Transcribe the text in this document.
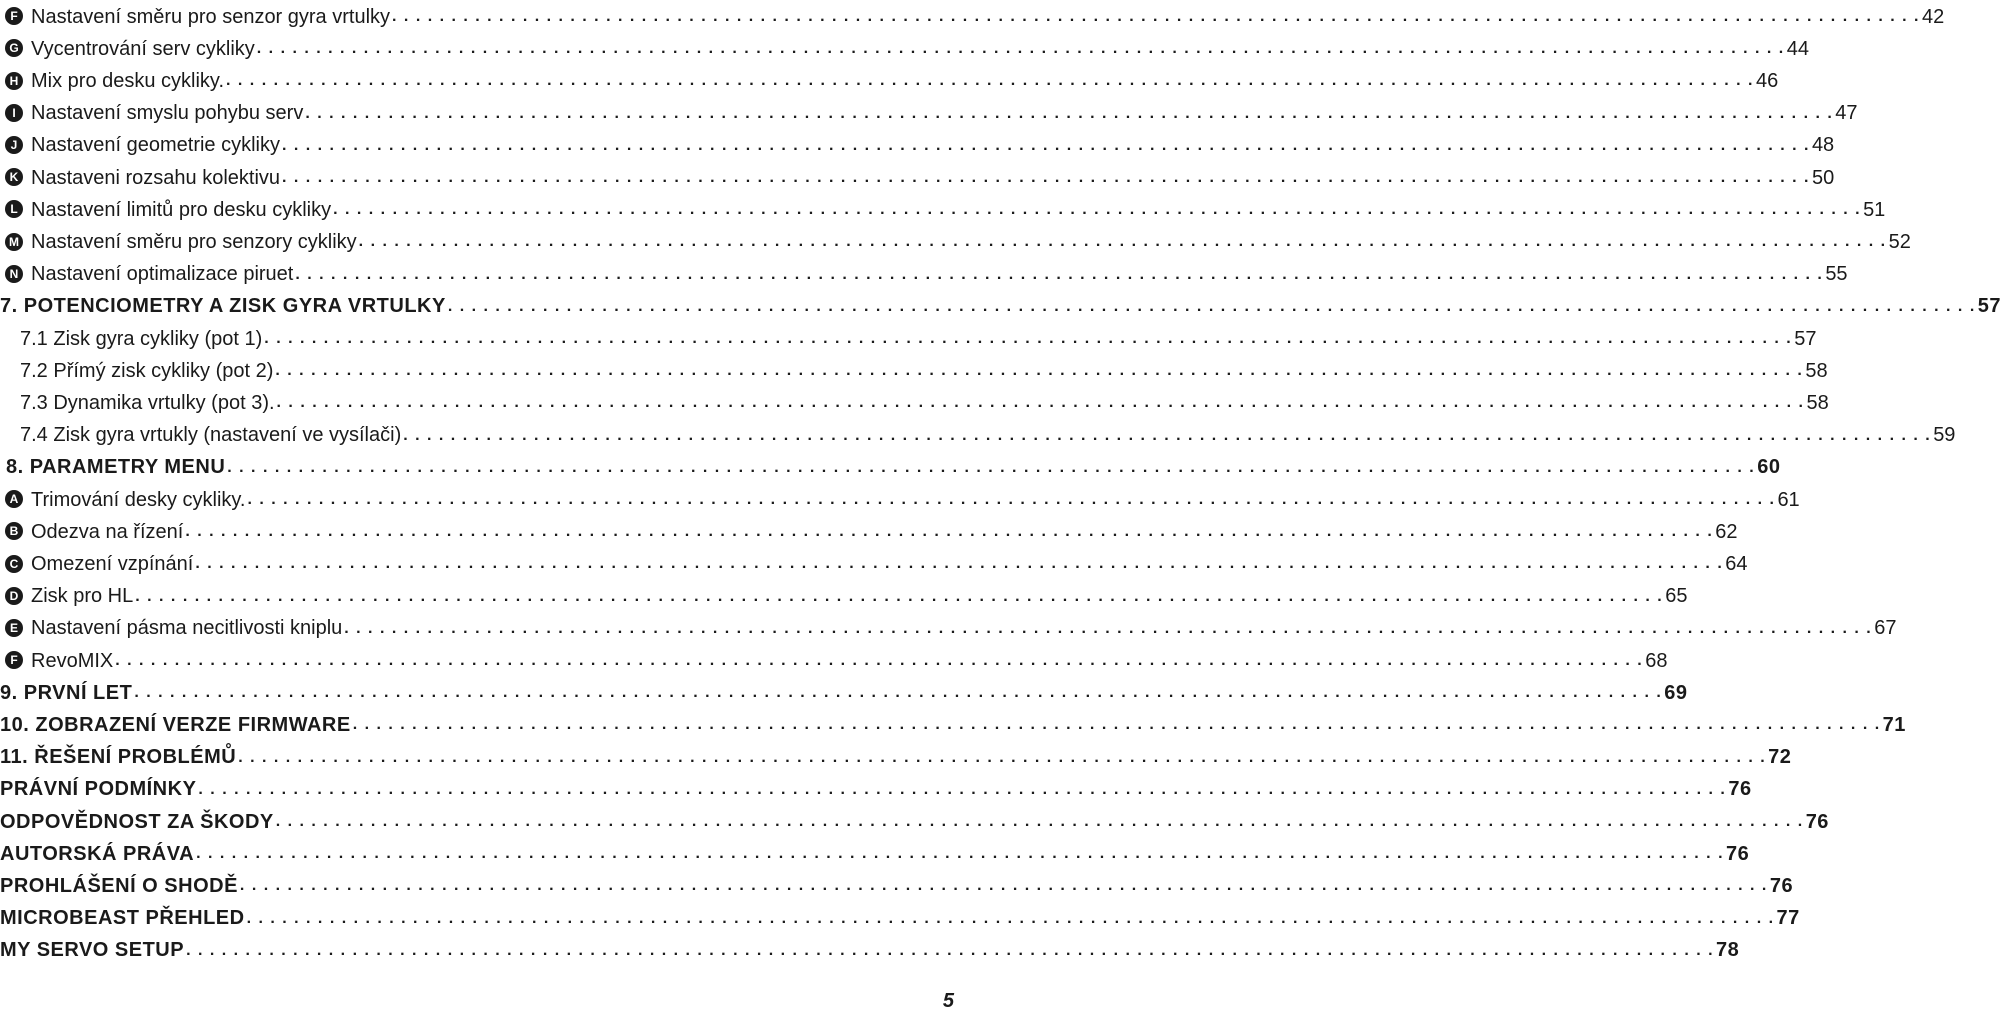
F Nastavení směru pro senzor gyra vrtulky . . . . . . . . . . . . . . . . . . . . . . . . . . . . . . . . . . . . . . . . . . . . . . . . . . . . . . . . . . . . . . . . . . . . . . . . . . . . . . . . . . . . . . . . . . . . . . . . . . . . . . . . . . . . . . . . . . . . . . . . . . . . . . . . . 42
G Vycentrování serv cykliky . . . . . . . . . . . . . . . . . . . . . . . . . . . . . . . . . . . . . . . . . . . . . . . . . . . . . . . . . . . . . . . . . . . . . . . . . . . . . . . . . . . . . . . . . . . . . . . . . . . . . . . . . . . . . . . . . . . . . . . . . . . . . . . . . 44
H Mix pro desku cykliky. . . . . . . . . . . . . . . . . . . . . . . . . . . . . . . . . . . . . . . . . . . . . . . . . . . . . . . . . . . . . . . . . . . . . . . . . . . . . . . . . . . . . . . . . . . . . . . . . . . . . . . . . . . . . . . . . . . . . . . . . . . . . . . . . . 46
I Nastavení smyslu pohybu serv . . . . . . . . . . . . . . . . . . . . . . . . . . . . . . . . . . . . . . . . . . . . . . . . . . . . . . . . . . . . . . . . . . . . . . . . . . . . . . . . . . . . . . . . . . . . . . . . . . . . . . . . . . . . . . . . . . . . . . . . . . . . . . . . . 47
J Nastavení geometrie cykliky . . . . . . . . . . . . . . . . . . . . . . . . . . . . . . . . . . . . . . . . . . . . . . . . . . . . . . . . . . . . . . . . . . . . . . . . . . . . . . . . . . . . . . . . . . . . . . . . . . . . . . . . . . . . . . . . . . . . . . . . . . . . . . . . . 48
K Nastaveni rozsahu kolektivu . . . . . . . . . . . . . . . . . . . . . . . . . . . . . . . . . . . . . . . . . . . . . . . . . . . . . . . . . . . . . . . . . . . . . . . . . . . . . . . . . . . . . . . . . . . . . . . . . . . . . . . . . . . . . . . . . . . . . . . . . . . . . . . . . 50
L Nastavení limitů pro desku cykliky . . . . . . . . . . . . . . . . . . . . . . . . . . . . . . . . . . . . . . . . . . . . . . . . . . . . . . . . . . . . . . . . . . . . . . . . . . . . . . . . . . . . . . . . . . . . . . . . . . . . . . . . . . . . . . . . . . . . . . . . . . . . . . . . . 51
M Nastavení směru pro senzory cykliky . . . . . . . . . . . . . . . . . . . . . . . . . . . . . . . . . . . . . . . . . . . . . . . . . . . . . . . . . . . . . . . . . . . . . . . . . . . . . . . . . . . . . . . . . . . . . . . . . . . . . . . . . . . . . . . . . . . . . . . . . . . . . . . . . 52
N Nastavení optimalizace piruet . . . . . . . . . . . . . . . . . . . . . . . . . . . . . . . . . . . . . . . . . . . . . . . . . . . . . . . . . . . . . . . . . . . . . . . . . . . . . . . . . . . . . . . . . . . . . . . . . . . . . . . . . . . . . . . . . . . . . . . . . . . . . . . . . 55
7. POTENCIOMETRY A ZISK GYRA VRTULKY . . . . . . . . . . . . . . . . . . . . . . . . . . . . . . . . . . . . . . . . . . . . . . . . . . . . . . . . . . . . . . . . . . . . . . . . . . . . . . . . . . . . . . . . . . . . . . . . . . . . . . . . . . . . . . . . . . . . . . . . . . . . . . . . . 57
7.1 Zisk gyra cykliky (pot 1) . . . . . . . . . . . . . . . . . . . . . . . . . . . . . . . . . . . . . . . . . . . . . . . . . . . . . . . . . . . . . . . . . . . . . . . . . . . . . . . . . . . . . . . . . . . . . . . . . . . . . . . . . . . . . . . . . . . . . . . . . . . . . . . . . 57
7.2 Přímý zisk cykliky (pot 2) . . . . . . . . . . . . . . . . . . . . . . . . . . . . . . . . . . . . . . . . . . . . . . . . . . . . . . . . . . . . . . . . . . . . . . . . . . . . . . . . . . . . . . . . . . . . . . . . . . . . . . . . . . . . . . . . . . . . . . . . . . . . . . . . . 58
7.3 Dynamika vrtulky (pot 3). . . . . . . . . . . . . . . . . . . . . . . . . . . . . . . . . . . . . . . . . . . . . . . . . . . . . . . . . . . . . . . . . . . . . . . . . . . . . . . . . . . . . . . . . . . . . . . . . . . . . . . . . . . . . . . . . . . . . . . . . . . . . . . . . . 58
7.4 Zisk gyra vrtukly (nastavení ve vysílači) . . . . . . . . . . . . . . . . . . . . . . . . . . . . . . . . . . . . . . . . . . . . . . . . . . . . . . . . . . . . . . . . . . . . . . . . . . . . . . . . . . . . . . . . . . . . . . . . . . . . . . . . . . . . . . . . . . . . . . . . . . . . . . . . . 59
8. PARAMETRY MENU . . . . . . . . . . . . . . . . . . . . . . . . . . . . . . . . . . . . . . . . . . . . . . . . . . . . . . . . . . . . . . . . . . . . . . . . . . . . . . . . . . . . . . . . . . . . . . . . . . . . . . . . . . . . . . . . . . . . . . . . . . . . . . . . . 60
A Trimování desky cykliky. . . . . . . . . . . . . . . . . . . . . . . . . . . . . . . . . . . . . . . . . . . . . . . . . . . . . . . . . . . . . . . . . . . . . . . . . . . . . . . . . . . . . . . . . . . . . . . . . . . . . . . . . . . . . . . . . . . . . . . . . . . . . . . . . . 61
B Odezva na řízení . . . . . . . . . . . . . . . . . . . . . . . . . . . . . . . . . . . . . . . . . . . . . . . . . . . . . . . . . . . . . . . . . . . . . . . . . . . . . . . . . . . . . . . . . . . . . . . . . . . . . . . . . . . . . . . . . . . . . . . . . . . . . . . . . 62
C Omezení vzpínání . . . . . . . . . . . . . . . . . . . . . . . . . . . . . . . . . . . . . . . . . . . . . . . . . . . . . . . . . . . . . . . . . . . . . . . . . . . . . . . . . . . . . . . . . . . . . . . . . . . . . . . . . . . . . . . . . . . . . . . . . . . . . . . . . 64
D Zisk pro HL . . . . . . . . . . . . . . . . . . . . . . . . . . . . . . . . . . . . . . . . . . . . . . . . . . . . . . . . . . . . . . . . . . . . . . . . . . . . . . . . . . . . . . . . . . . . . . . . . . . . . . . . . . . . . . . . . . . . . . . . . . . . . . . . . 65
E Nastavení pásma necitlivosti kniplu . . . . . . . . . . . . . . . . . . . . . . . . . . . . . . . . . . . . . . . . . . . . . . . . . . . . . . . . . . . . . . . . . . . . . . . . . . . . . . . . . . . . . . . . . . . . . . . . . . . . . . . . . . . . . . . . . . . . . . . . . . . . . . . . . 67
F RevoMIX . . . . . . . . . . . . . . . . . . . . . . . . . . . . . . . . . . . . . . . . . . . . . . . . . . . . . . . . . . . . . . . . . . . . . . . . . . . . . . . . . . . . . . . . . . . . . . . . . . . . . . . . . . . . . . . . . . . . . . . . . . . . . . . . . 68
9. PRVNÍ LET . . . . . . . . . . . . . . . . . . . . . . . . . . . . . . . . . . . . . . . . . . . . . . . . . . . . . . . . . . . . . . . . . . . . . . . . . . . . . . . . . . . . . . . . . . . . . . . . . . . . . . . . . . . . . . . . . . . . . . . . . . . . . . . . . 69
10. ZOBRAZENÍ VERZE FIRMWARE . . . . . . . . . . . . . . . . . . . . . . . . . . . . . . . . . . . . . . . . . . . . . . . . . . . . . . . . . . . . . . . . . . . . . . . . . . . . . . . . . . . . . . . . . . . . . . . . . . . . . . . . . . . . . . . . . . . . . . . . . . . . . . . . . 71
11. ŘEŠENÍ PROBLÉMŮ . . . . . . . . . . . . . . . . . . . . . . . . . . . . . . . . . . . . . . . . . . . . . . . . . . . . . . . . . . . . . . . . . . . . . . . . . . . . . . . . . . . . . . . . . . . . . . . . . . . . . . . . . . . . . . . . . . . . . . . . . . . . . . . . . 72
PRÁVNÍ PODMÍNKY . . . . . . . . . . . . . . . . . . . . . . . . . . . . . . . . . . . . . . . . . . . . . . . . . . . . . . . . . . . . . . . . . . . . . . . . . . . . . . . . . . . . . . . . . . . . . . . . . . . . . . . . . . . . . . . . . . . . . . . . . . . . . . . . . 76
ODPOVĚDNOST ZA ŠKODY . . . . . . . . . . . . . . . . . . . . . . . . . . . . . . . . . . . . . . . . . . . . . . . . . . . . . . . . . . . . . . . . . . . . . . . . . . . . . . . . . . . . . . . . . . . . . . . . . . . . . . . . . . . . . . . . . . . . . . . . . . . . . . . . . 76
AUTORSKÁ PRÁVA . . . . . . . . . . . . . . . . . . . . . . . . . . . . . . . . . . . . . . . . . . . . . . . . . . . . . . . . . . . . . . . . . . . . . . . . . . . . . . . . . . . . . . . . . . . . . . . . . . . . . . . . . . . . . . . . . . . . . . . . . . . . . . . . . 76
PROHLÁŠENÍ O SHODĚ . . . . . . . . . . . . . . . . . . . . . . . . . . . . . . . . . . . . . . . . . . . . . . . . . . . . . . . . . . . . . . . . . . . . . . . . . . . . . . . . . . . . . . . . . . . . . . . . . . . . . . . . . . . . . . . . . . . . . . . . . . . . . . . . . 76
MICROBEAST PŘEHLED . . . . . . . . . . . . . . . . . . . . . . . . . . . . . . . . . . . . . . . . . . . . . . . . . . . . . . . . . . . . . . . . . . . . . . . . . . . . . . . . . . . . . . . . . . . . . . . . . . . . . . . . . . . . . . . . . . . . . . . . . . . . . . . . . 77
MY SERVO SETUP . . . . . . . . . . . . . . . . . . . . . . . . . . . . . . . . . . . . . . . . . . . . . . . . . . . . . . . . . . . . . . . . . . . . . . . . . . . . . . . . . . . . . . . . . . . . . . . . . . . . . . . . . . . . . . . . . . . . . . . . . . . . . . . . . 78
5
